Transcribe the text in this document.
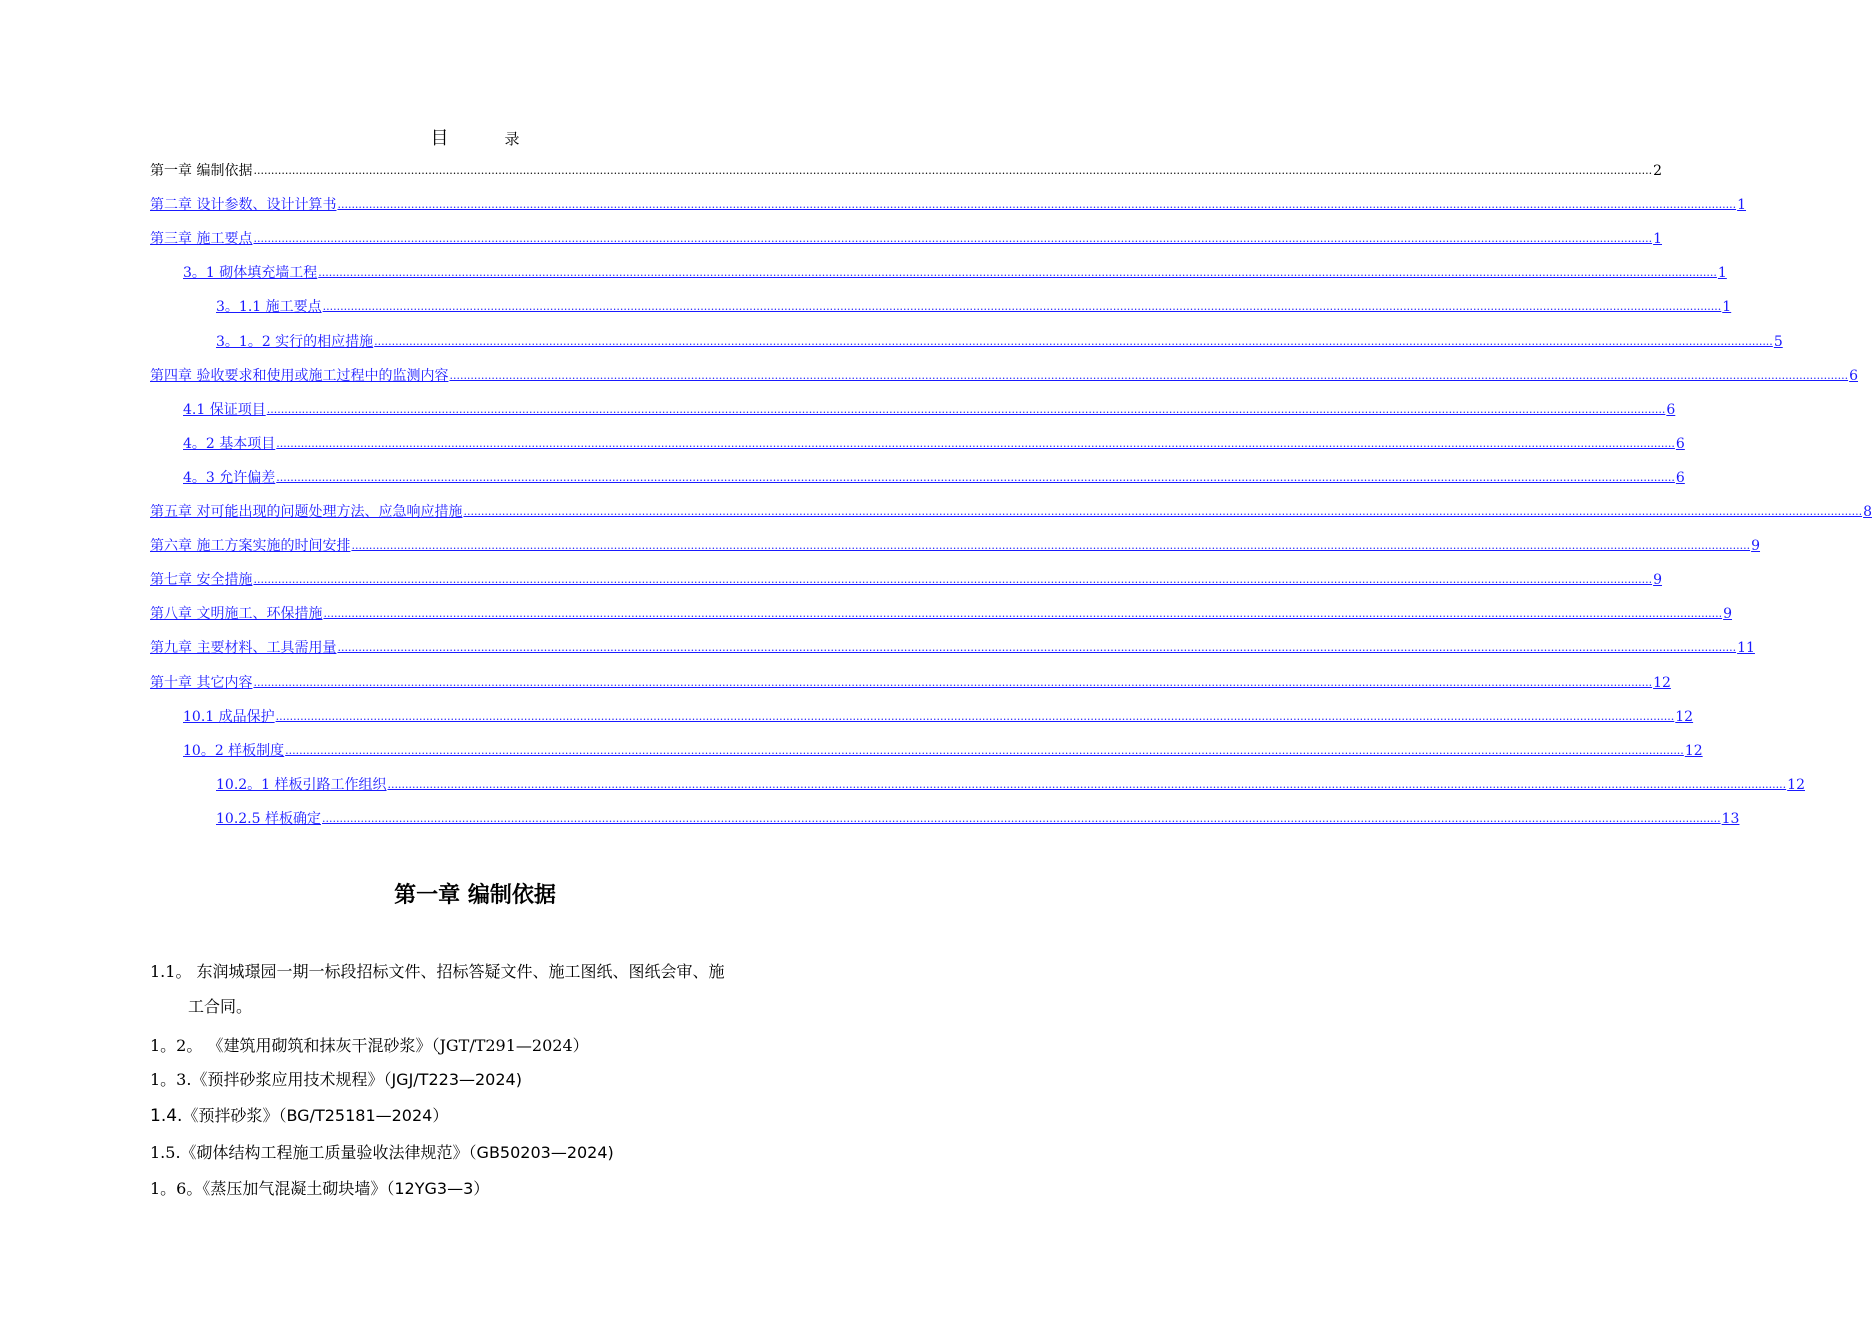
目	录
第一章 编制依据 ................................................................................................................................................................................................................................................................................................................................................................................................................ 2
第二章 设计参数、设计计算书 ................................................................................................................................................................................................................................................................................................................................................................................................................ 1
第三章 施工要点 ................................................................................................................................................................................................................................................................................................................................................................................................................ 1
3。1 砌体填充墙工程 ................................................................................................................................................................................................................................................................................................................................................................................................................ 1
3。1.1 施工要点 ................................................................................................................................................................................................................................................................................................................................................................................................................ 1
3。1。2 实行的相应措施 ................................................................................................................................................................................................................................................................................................................................................................................................................ 5
第四章 验收要求和使用或施工过程中的监测内容 ................................................................................................................................................................................................................................................................................................................................................................................................................ 6
4.1 保证项目 ................................................................................................................................................................................................................................................................................................................................................................................................................ 6
4。2 基本项目 ................................................................................................................................................................................................................................................................................................................................................................................................................ 6
4。3 允许偏差 ................................................................................................................................................................................................................................................................................................................................................................................................................ 6
第五章 对可能出现的问题处理方法、应急响应措施 ................................................................................................................................................................................................................................................................................................................................................................................................................ 8
第六章 施工方案实施的时间安排 ................................................................................................................................................................................................................................................................................................................................................................................................................ 9
第七章 安全措施 ................................................................................................................................................................................................................................................................................................................................................................................................................ 9
第八章 文明施工、环保措施 ................................................................................................................................................................................................................................................................................................................................................................................................................ 9
第九章 主要材料、工具需用量 ................................................................................................................................................................................................................................................................................................................................................................................................................ 11
第十章 其它内容 ................................................................................................................................................................................................................................................................................................................................................................................................................ 12
10.1 成品保护 ................................................................................................................................................................................................................................................................................................................................................................................................................ 12
10。2 样板制度 ................................................................................................................................................................................................................................................................................................................................................................................................................ 12
10.2。1 样板引路工作组织 ................................................................................................................................................................................................................................................................................................................................................................................................................ 12
10.2.5 样板确定 ................................................................................................................................................................................................................................................................................................................................................................................................................ 13
第一章 编制依据
1.1。 东润城璟园一期一标段招标文件、招标答疑文件、施工图纸、图纸会审、施
工合同。
1。2。 《建筑用砌筑和抹灰干混砂浆》（JGT/T291—2024）
1。3.《预拌砂浆应用技术规程》（JGJ/T223—2024)
1.4.《预拌砂浆》（BG/T25181—2024）
1.5.《砌体结构工程施工质量验收法律规范》（GB50203—2024)
1。6。《蒸压加气混凝土砌块墙》（12YG3—3）
